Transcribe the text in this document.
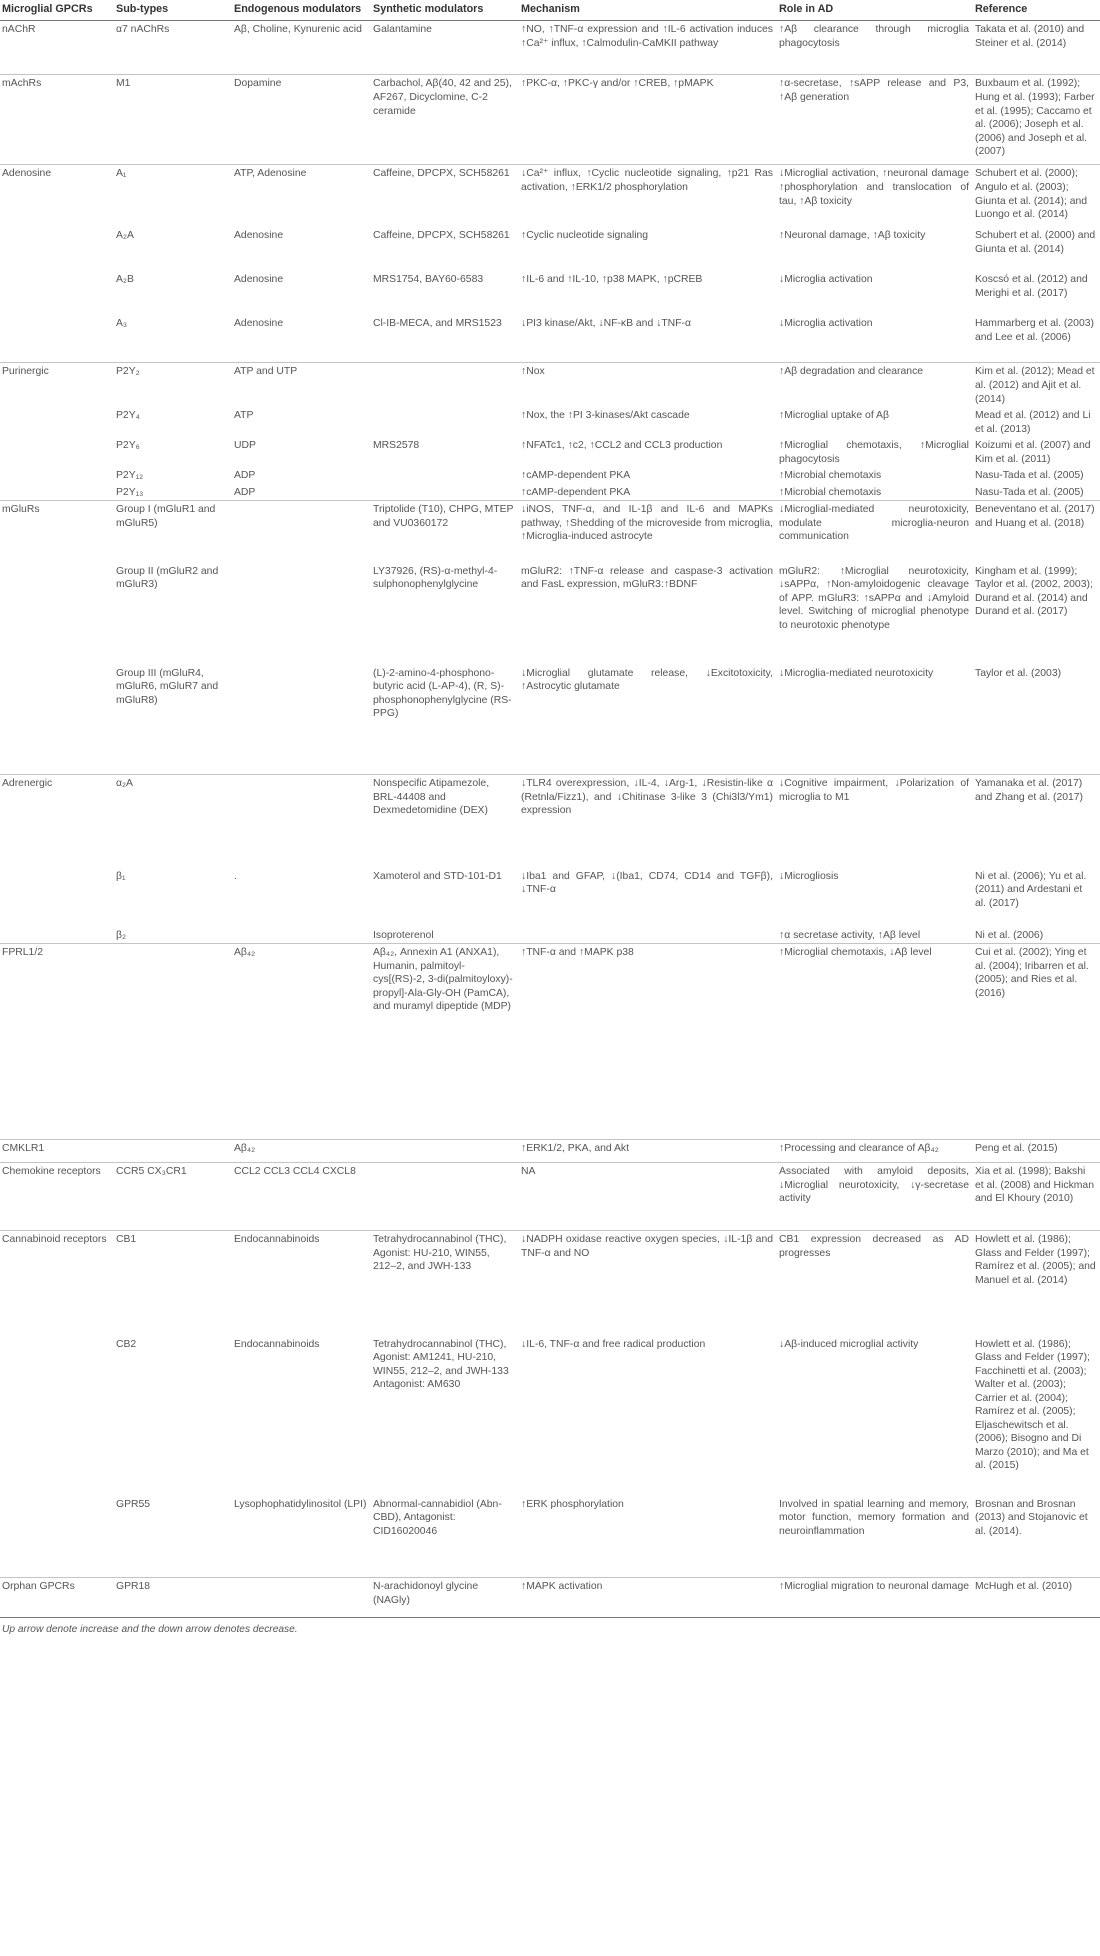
Microglial GPCRs	Sub-types	Endogenous modulators	Synthetic modulators	Mechanism	Role in AD	Reference
nAChR	α7 nAChRs	Aβ, Choline, Kynurenic acid	Galantamine	↑NO, ↑TNF-α expression and ↑IL-6 activation induces ↑Ca²⁺ influx, ↑Calmodulin-CaMKII pathway	↑Aβ clearance through microglia phagocytosis	Takata et al. (2010) and Steiner et al. (2014)
mAchRs	M1	Dopamine	Carbachol, Aβ(40, 42 and 25), AF267, Dicyclomine, C-2 ceramide	↑PKC-α, ↑PKC-γ and/or ↑CREB, ↑pMAPK	↑α-secretase, ↑sAPP release and P3, ↑Aβ generation	Buxbaum et al. (1992); Hung et al. (1993); Farber et al. (1995); Caccamo et al. (2006); Joseph et al. (2006) and Joseph et al. (2007)
Adenosine	A₁	ATP, Adenosine	Caffeine, DPCPX, SCH58261	↓Ca²⁺ influx, ↑Cyclic nucleotide signaling, ↑p21 Ras activation, ↑ERK1/2 phosphorylation	↓Microglial activation, ↑neuronal damage ↑phosphorylation and translocation of tau, ↑Aβ toxicity	Schubert et al. (2000); Angulo et al. (2003); Giunta et al. (2014); and Luongo et al. (2014)
	A₂A	Adenosine	Caffeine, DPCPX, SCH58261	↑Cyclic nucleotide signaling	↑Neuronal damage, ↑Aβ toxicity	Schubert et al. (2000) and Giunta et al. (2014)
	A₂B	Adenosine	MRS1754, BAY60-6583	↑IL-6 and ↑IL-10, ↑p38 MAPK, ↑pCREB	↓Microglia activation	Koscsó et al. (2012) and Merighi et al. (2017)
	A₃	Adenosine	Cl-IB-MECA, and MRS1523	↓PI3 kinase/Akt, ↓NF-κB and ↓TNF-α	↓Microglia activation	Hammarberg et al. (2003) and Lee et al. (2006)
Purinergic	P2Y₂	ATP and UTP		↑Nox	↑Aβ degradation and clearance	Kim et al. (2012); Mead et al. (2012) and Ajit et al. (2014)
	P2Y₄	ATP		↑Nox, the ↑PI 3-kinases/Akt cascade	↑Microglial uptake of Aβ	Mead et al. (2012) and Li et al. (2013)
	P2Y₆	UDP	MRS2578	↑NFATc1, ↑c2, ↑CCL2 and CCL3 production	↑Microglial chemotaxis, ↑Microglial phagocytosis	Koizumi et al. (2007) and Kim et al. (2011)
	P2Y₁₂	ADP		↑cAMP-dependent PKA	↑Microbial chemotaxis	Nasu-Tada et al. (2005)
	P2Y₁₃	ADP		↑cAMP-dependent PKA	↑Microbial chemotaxis	Nasu-Tada et al. (2005)
mGluRs	Group I (mGluR1 and mGluR5)		Triptolide (T10), CHPG, MTEP and VU0360172	↓iNOS, TNF-α, and IL-1β and IL-6 and MAPKs pathway, ↑Shedding of the microveside from microglia, ↑Microglia-induced astrocyte	↓Microglial-mediated neurotoxicity, modulate microglia-neuron communication	Beneventano et al. (2017) and Huang et al. (2018)
	Group II (mGluR2 and mGluR3)		LY37926, (RS)-α-methyl-4-sulphonophenylglycine	mGluR2: ↑TNF-α release and caspase-3 activation and FasL expression, mGluR3:↑BDNF	mGluR2: ↑Microglial neurotoxicity, ↓sAPPα, ↑Non-amyloidogenic cleavage of APP. mGluR3: ↑sAPPα and ↓Amyloid level. Switching of microglial phenotype to neurotoxic phenotype	Kingham et al. (1999); Taylor et al. (2002, 2003); Durand et al. (2014) and Durand et al. (2017)
	Group III (mGluR4, mGluR6, mGluR7 and mGluR8)		(L)-2-amino-4-phosphono-butyric acid (L-AP-4), (R, S)-phosphonophenylglycine (RS-PPG)	↓Microglial glutamate release, ↓Excitotoxicity, ↑Astrocytic glutamate	↓Microglia-mediated neurotoxicity	Taylor et al. (2003)
Adrenergic	α₂A		Nonspecific Atipamezole, BRL-44408 and Dexmedetomidine (DEX)	↓TLR4 overexpression, ↓IL-4, ↓Arg-1, ↓Resistin-like α (Retnla/Fizz1), and ↓Chitinase 3-like 3 (Chi3l3/Ym1) expression	↓Cognitive impairment, ↓Polarization of microglia to M1	Yamanaka et al. (2017) and Zhang et al. (2017)
	β₁	.	Xamoterol and STD-101-D1	↓Iba1 and GFAP, ↓(Iba1, CD74, CD14 and TGFβ), ↓TNF-α	↓Microgliosis	Ni et al. (2006); Yu et al. (2011) and Ardestani et al. (2017)
	β₂		Isoproterenol		↑α secretase activity, ↑Aβ level	Ni et al. (2006)
FPRL1/2		Aβ₄₂	Aβ₄₂, Annexin A1 (ANXA1), Humanin, palmitoyl-cys[(RS)-2, 3-di(palmitoyloxy)-propyl]-Ala-Gly-OH (PamCA), and muramyl dipeptide (MDP)	↑TNF-α and ↑MAPK p38	↑Microglial chemotaxis, ↓Aβ level	Cui et al. (2002); Ying et al. (2004); Iribarren et al. (2005); and Ries et al. (2016)
CMKLR1		Aβ₄₂		↑ERK1/2, PKA, and Akt	↑Processing and clearance of Aβ₄₂	Peng et al. (2015)
Chemokine receptors	CCR5 CX₃CR1	CCL2 CCL3 CCL4 CXCL8		NA	Associated with amyloid deposits, ↓Microglial neurotoxicity, ↓γ-secretase activity	Xia et al. (1998); Bakshi et al. (2008) and Hickman and El Khoury (2010)
Cannabinoid receptors	CB1	Endocannabinoids	Tetrahydrocannabinol (THC), Agonist: HU-210, WIN55, 212–2, and JWH-133	↓NADPH oxidase reactive oxygen species, ↓IL-1β and TNF-α and NO	CB1 expression decreased as AD progresses	Howlett et al. (1986); Glass and Felder (1997); Ramírez et al. (2005); and Manuel et al. (2014)
	CB2	Endocannabinoids	Tetrahydrocannabinol (THC), Agonist: AM1241, HU-210, WIN55, 212–2, and JWH-133 Antagonist: AM630	↓IL-6, TNF-α and free radical production	↓Aβ-induced microglial activity	Howlett et al. (1986); Glass and Felder (1997); Facchinetti et al. (2003); Walter et al. (2003); Carrier et al. (2004); Ramírez et al. (2005); Eljaschewitsch et al. (2006); Bisogno and Di Marzo (2010); and Ma et al. (2015)
	GPR55	Lysophophatidylinositol (LPI)	Abnormal-cannabidiol (Abn-CBD), Antagonist: CID16020046	↑ERK phosphorylation	Involved in spatial learning and memory, motor function, memory formation and neuroinflammation	Brosnan and Brosnan (2013) and Stojanovic et al. (2014).
Orphan GPCRs	GPR18		N-arachidonoyl glycine (NAGly)	↑MAPK activation	↑Microglial migration to neuronal damage	McHugh et al. (2010)
Up arrow denote increase and the down arrow denotes decrease.
